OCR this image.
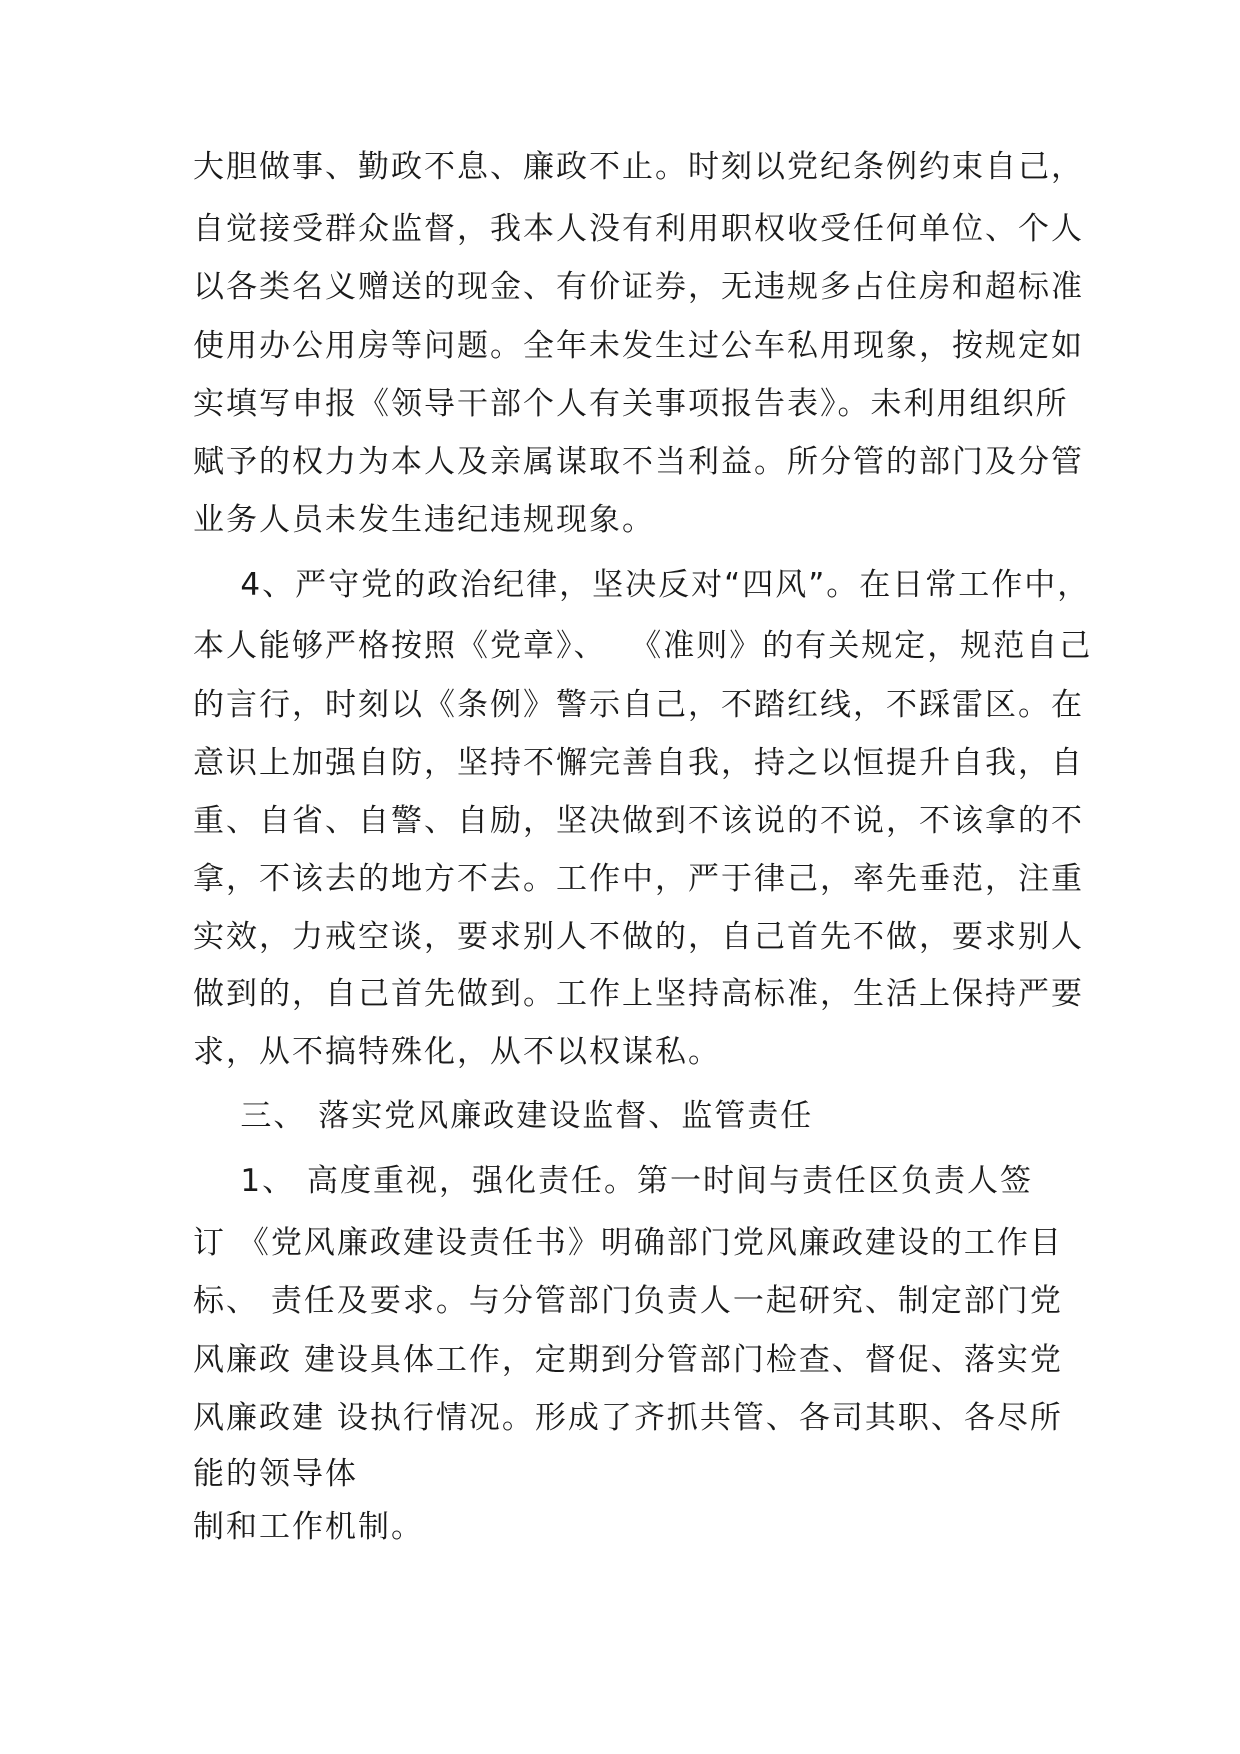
大胆做事、勤政不息、廉政不止。时刻以党纪条例约束自己，
自觉接受群众监督，我本人没有利用职权收受任何单位、个人
以各类名义赠送的现金、有价证券，无违规多占住房和超标准
使用办公用房等问题。全年未发生过公车私用现象，按规定如
实填写申报《领导干部个人有关事项报告表》。未利用组织所
赋予的权力为本人及亲属谋取不当利益。所分管的部门及分管
业务人员未发生违纪违规现象。
4、严守党的政治纪律，坚决反对“四风”。在日常工作中，
本人能够严格按照《党章》、  《准则》的有关规定，规范自己
的言行，时刻以《条例》警示自己，不踏红线，不踩雷区。在
意识上加强自防，坚持不懈完善自我，持之以恒提升自我，自
重、自省、自警、自励，坚决做到不该说的不说，不该拿的不
拿，不该去的地方不去。工作中，严于律己，率先垂范，注重
实效，力戒空谈，要求别人不做的，自己首先不做，要求别人
做到的，自己首先做到。工作上坚持高标准，生活上保持严要
求，从不搞特殊化，从不以权谋私。
三、 落实党风廉政建设监督、监管责任
1、 高度重视，强化责任。第一时间与责任区负责人签
订 《党风廉政建设责任书》明确部门党风廉政建设的工作目
标、 责任及要求。与分管部门负责人一起研究、制定部门党
风廉政 建设具体工作，定期到分管部门检查、督促、落实党
风廉政建 设执行情况。形成了齐抓共管、各司其职、各尽所
能的领导体
制和工作机制。
